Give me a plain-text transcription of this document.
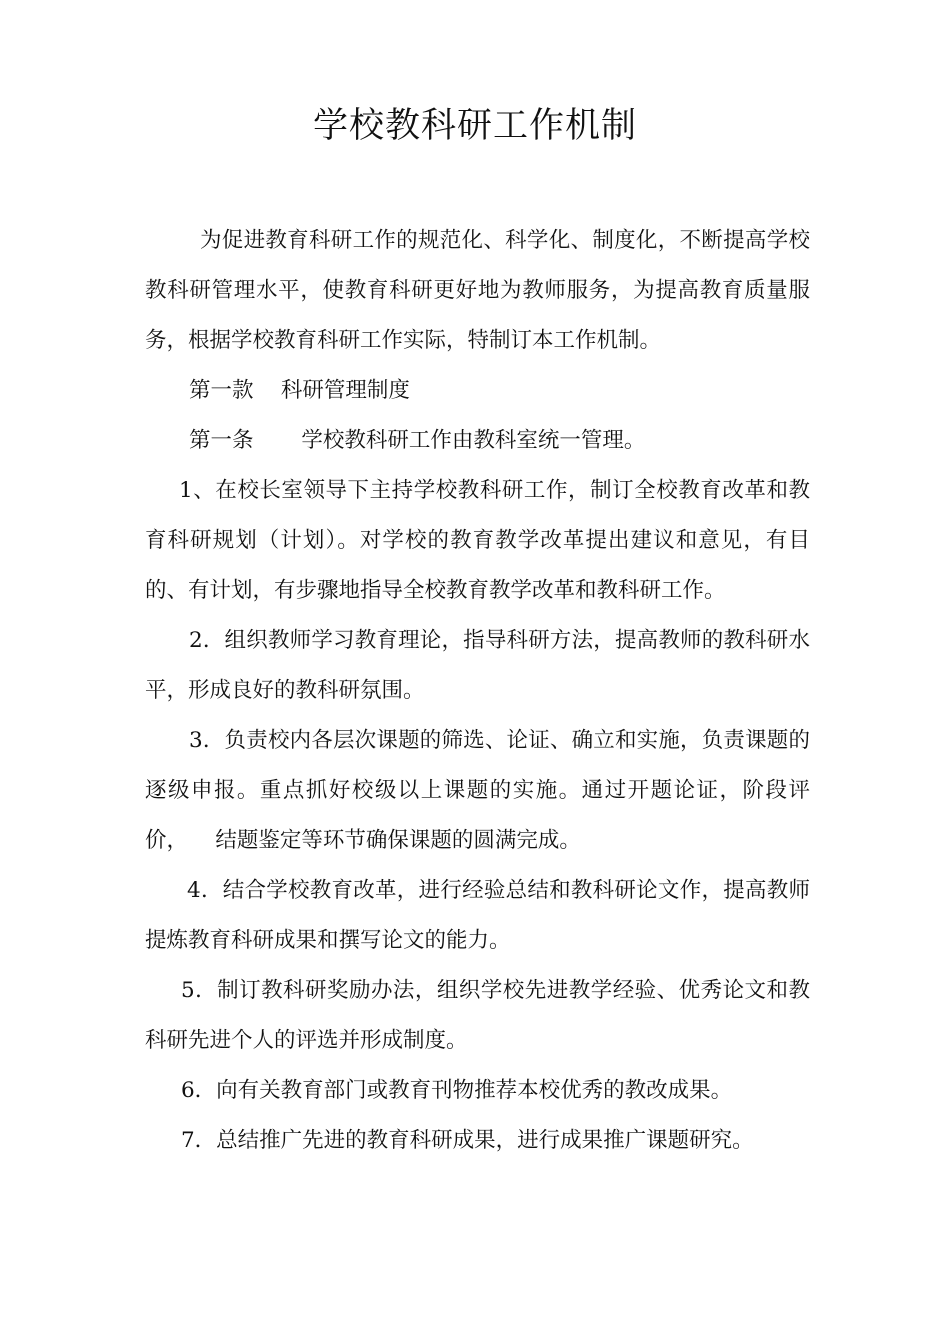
学校教科研工作机制

为促进教育科研工作的规范化、科学化、制度化，不断提高学校教科研管理水平，使教育科研更好地为教师服务，为提高教育质量服务，根据学校教育科研工作实际，特制订本工作机制。

第一款    科研管理制度

第一条       学校教科研工作由教科室统一管理。

1、在校长室领导下主持学校教科研工作，制订全校教育改革和教育科研规划（计划）。对学校的教育教学改革提出建议和意见，有目的、有计划，有步骤地指导全校教育教学改革和教科研工作。

2．组织教师学习教育理论，指导科研方法，提高教师的教科研水平，形成良好的教科研氛围。

3．负责校内各层次课题的筛选、论证、确立和实施，负责课题的逐级申报。重点抓好校级以上课题的实施。通过开题论证，阶段评价，    结题鉴定等环节确保课题的圆满完成。

4．结合学校教育改革，进行经验总结和教科研论文作，提高教师提炼教育科研成果和撰写论文的能力。

5．制订教科研奖励办法，组织学校先进教学经验、优秀论文和教科研先进个人的评选并形成制度。

6．向有关教育部门或教育刊物推荐本校优秀的教改成果。

7．总结推广先进的教育科研成果，进行成果推广课题研究。
